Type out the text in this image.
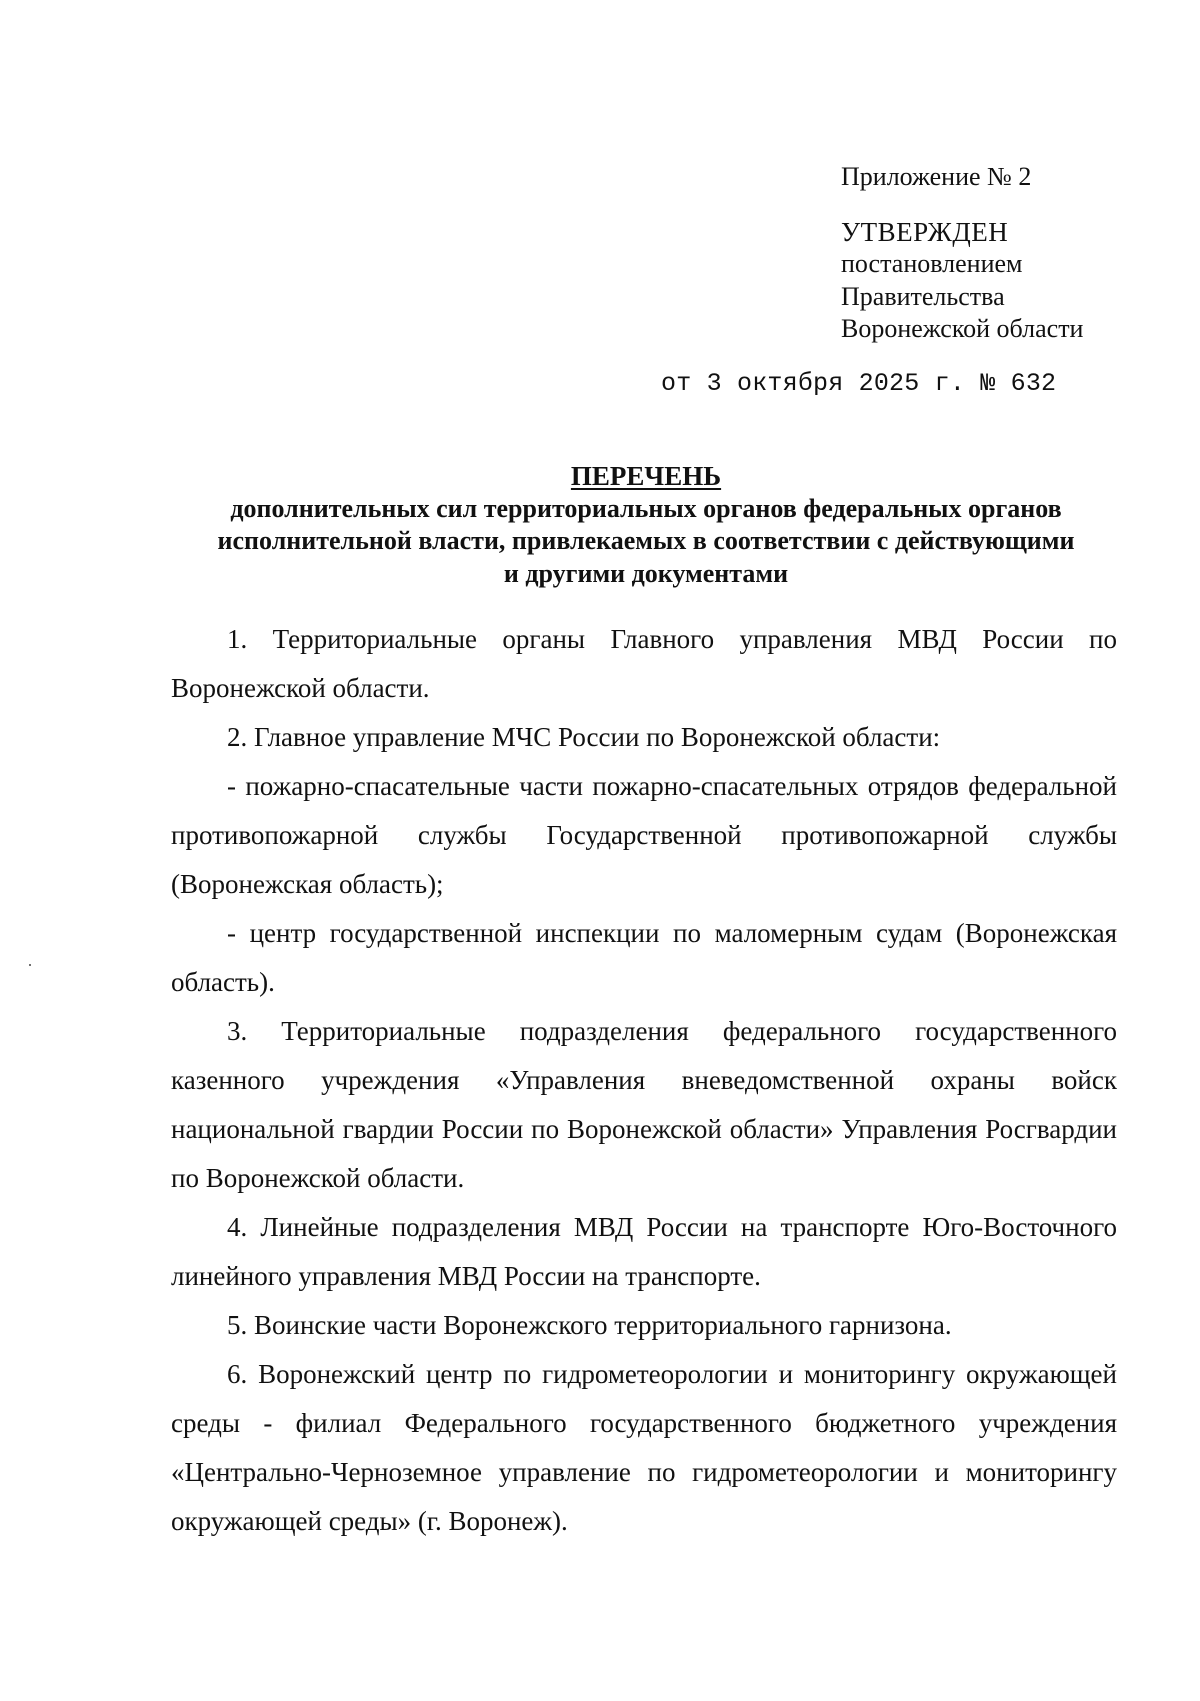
Приложение № 2
УТВЕРЖДЕН
постановлением
Правительства
Воронежской области
от 3 октября 2025 г. № 632
ПЕРЕЧЕНЬ
дополнительных сил территориальных органов федеральных органов
исполнительной власти, привлекаемых в соответствии с действующими
и другими документами

1. Территориальные органы Главного управления МВД России по Воронежской области.

2. Главное управление МЧС России по Воронежской области:

- пожарно-спасательные части пожарно-спасательных отрядов федеральной противопожарной службы Государственной противопожарной службы (Воронежская область);

- центр государственной инспекции по маломерным судам (Воронежская область).

3. Территориальные подразделения федерального государственного казенного учреждения «Управления вневедомственной охраны войск национальной гвардии России по Воронежской области» Управления Росгвардии по Воронежской области.

4. Линейные подразделения МВД России на транспорте Юго-Восточного линейного управления МВД России на транспорте.

5. Воинские части Воронежского территориального гарнизона.

6. Воронежский центр по гидрометеорологии и мониторингу окружающей среды - филиал Федерального государственного бюджетного учреждения «Центрально-Черноземное управление по гидрометеорологии и мониторингу окружающей среды» (г. Воронеж).
